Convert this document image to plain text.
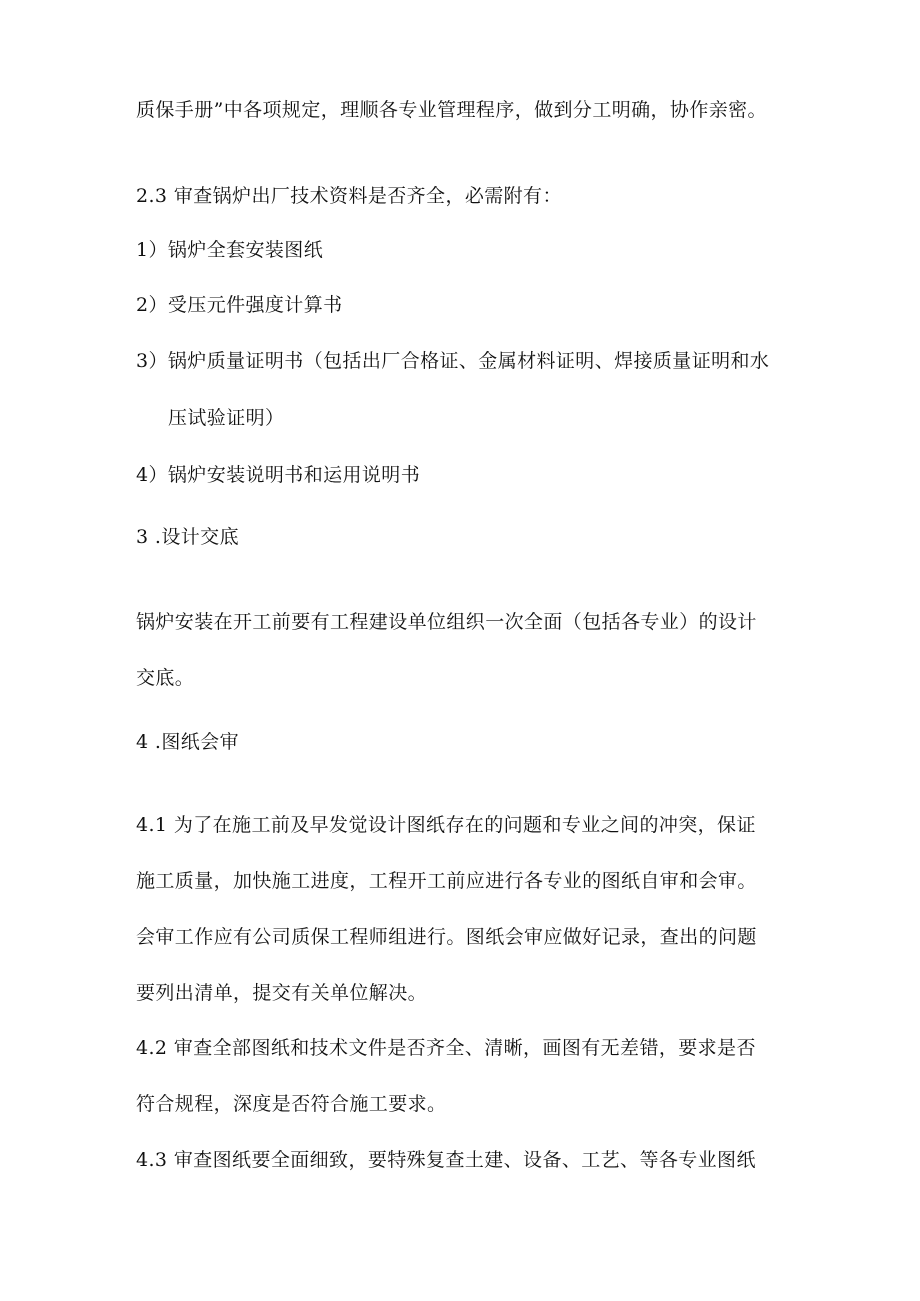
质保手册”中各项规定，理顺各专业管理程序，做到分工明确，协作亲密。
2.3 审查锅炉出厂技术资料是否齐全，必需附有：
1）锅炉全套安装图纸
2）受压元件强度计算书
3）锅炉质量证明书（包括出厂合格证、金属材料证明、焊接质量证明和水
压试验证明）
4）锅炉安装说明书和运用说明书
3 .设计交底
锅炉安装在开工前要有工程建设单位组织一次全面（包括各专业）的设计
交底。
4 .图纸会审
4.1 为了在施工前及早发觉设计图纸存在的问题和专业之间的冲突，保证
施工质量，加快施工进度，工程开工前应进行各专业的图纸自审和会审。
会审工作应有公司质保工程师组进行。图纸会审应做好记录，查出的问题
要列出清单，提交有关单位解决。
4.2 审查全部图纸和技术文件是否齐全、清晰，画图有无差错，要求是否
符合规程，深度是否符合施工要求。
4.3 审查图纸要全面细致，要特殊复查土建、设备、工艺、等各专业图纸
